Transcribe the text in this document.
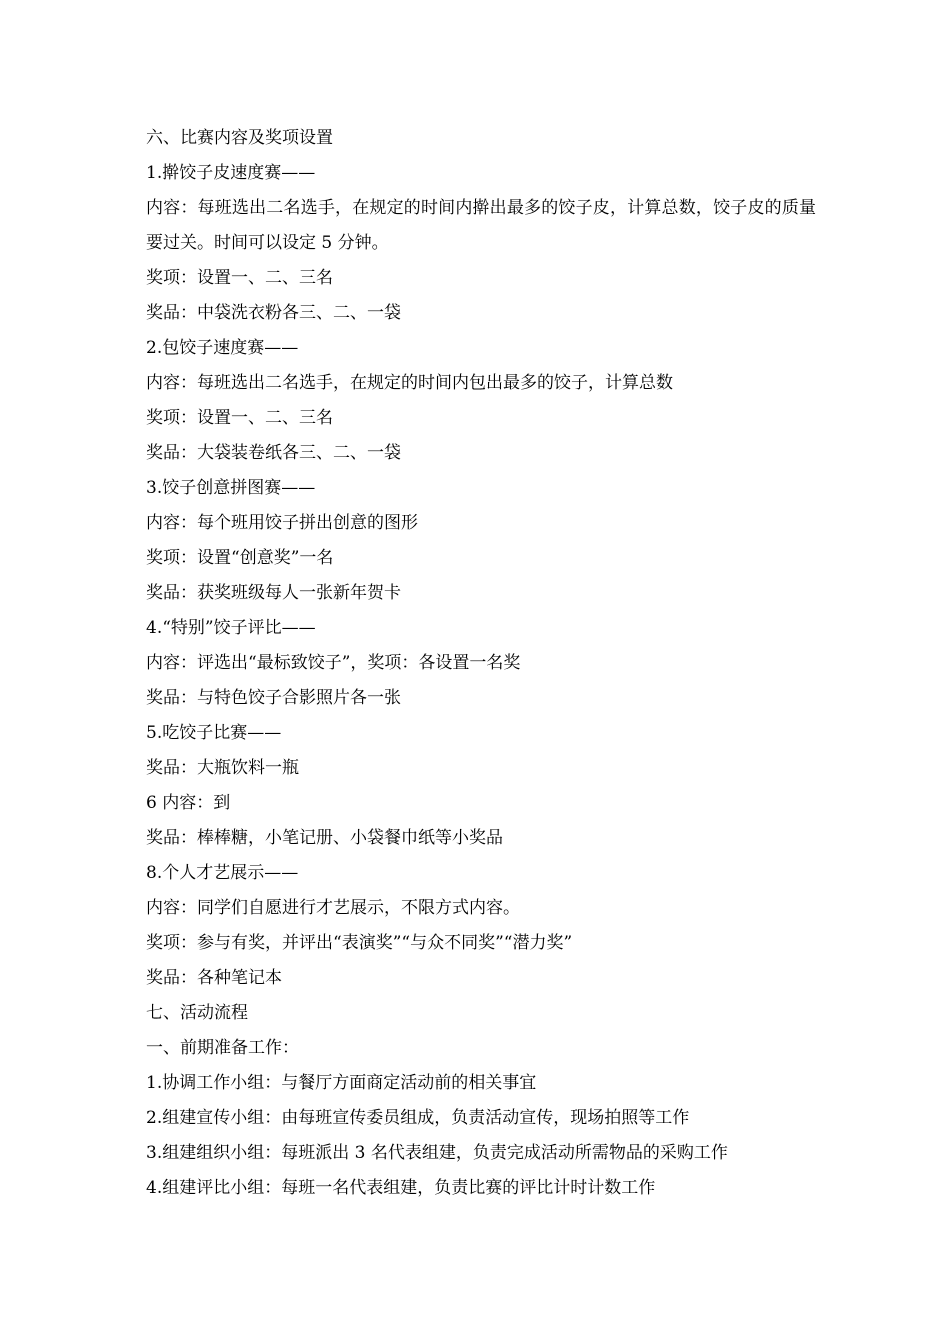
六、比赛内容及奖项设置
1.擀饺子皮速度赛——
内容：每班选出二名选手，在规定的时间内擀出最多的饺子皮，计算总数，饺子皮的质量要过关。时间可以设定 5 分钟。
奖项：设置一、二、三名
奖品：中袋洗衣粉各三、二、一袋
2.包饺子速度赛——
内容：每班选出二名选手，在规定的时间内包出最多的饺子，计算总数
奖项：设置一、二、三名
奖品：大袋装卷纸各三、二、一袋
3.饺子创意拼图赛——
内容：每个班用饺子拼出创意的图形
奖项：设置“创意奖”一名
奖品：获奖班级每人一张新年贺卡
4.“特别”饺子评比——
内容：评选出“最标致饺子”，奖项：各设置一名奖
奖品：与特色饺子合影照片各一张
5.吃饺子比赛——
奖品：大瓶饮料一瓶
6 内容：到
奖品：棒棒糖，小笔记册、小袋餐巾纸等小奖品
8.个人才艺展示——
内容：同学们自愿进行才艺展示，不限方式内容。
奖项：参与有奖，并评出“表演奖”“与众不同奖”“潜力奖”
奖品：各种笔记本
七、活动流程
一、前期准备工作：
1.协调工作小组：与餐厅方面商定活动前的相关事宜
2.组建宣传小组：由每班宣传委员组成，负责活动宣传，现场拍照等工作
3.组建组织小组：每班派出 3 名代表组建，负责完成活动所需物品的采购工作
4.组建评比小组：每班一名代表组建，负责比赛的评比计时计数工作
